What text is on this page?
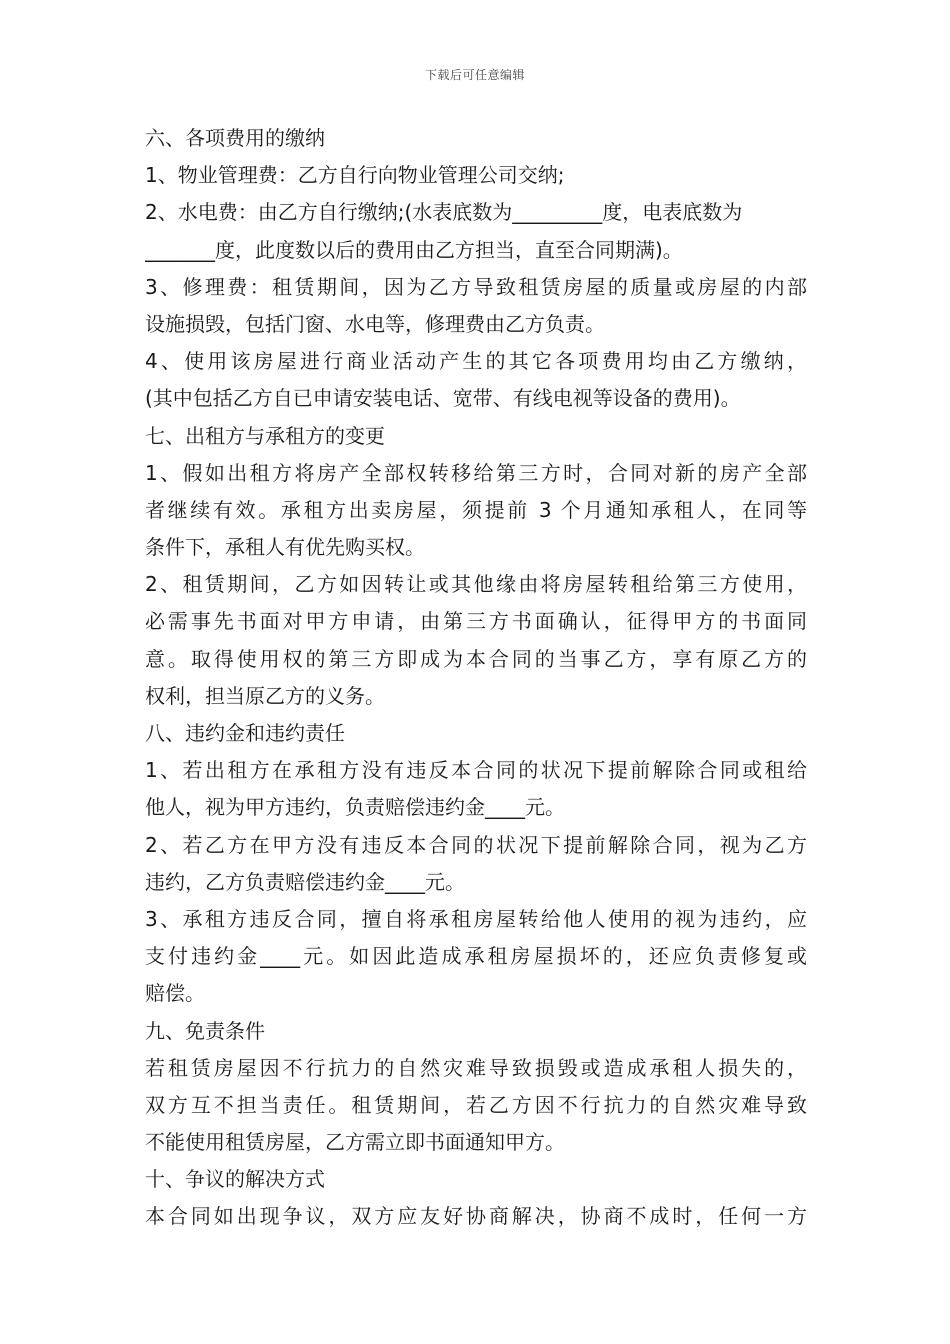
下载后可任意编辑
六、各项费用的缴纳
1、物业管理费：乙方自行向物业管理公司交纳;
2、水电费：由乙方自行缴纳;(水表底数为_________度，电表底数为
_______度，此度数以后的费用由乙方担当，直至合同期满)。
3、修理费：租赁期间，因为乙方导致租赁房屋的质量或房屋的内部
设施损毁，包括门窗、水电等，修理费由乙方负责。
4、使用该房屋进行商业活动产生的其它各项费用均由乙方缴纳，
(其中包括乙方自已申请安装电话、宽带、有线电视等设备的费用)。
七、出租方与承租方的变更
1、假如出租方将房产全部权转移给第三方时，合同对新的房产全部
者继续有效。承租方出卖房屋，须提前 3 个月通知承租人，在同等
条件下，承租人有优先购买权。
2、租赁期间，乙方如因转让或其他缘由将房屋转租给第三方使用，
必需事先书面对甲方申请，由第三方书面确认，征得甲方的书面同
意。取得使用权的第三方即成为本合同的当事乙方，享有原乙方的
权利，担当原乙方的义务。
八、违约金和违约责任
1、若出租方在承租方没有违反本合同的状况下提前解除合同或租给
他人，视为甲方违约，负责赔偿违约金____元。
2、若乙方在甲方没有违反本合同的状况下提前解除合同，视为乙方
违约，乙方负责赔偿违约金____元。
3、承租方违反合同，擅自将承租房屋转给他人使用的视为违约，应
支付违约金____元。如因此造成承租房屋损坏的，还应负责修复或
赔偿。
九、免责条件
若租赁房屋因不行抗力的自然灾难导致损毁或造成承租人损失的，
双方互不担当责任。租赁期间，若乙方因不行抗力的自然灾难导致
不能使用租赁房屋，乙方需立即书面通知甲方。
十、争议的解决方式
本合同如出现争议，双方应友好协商解决，协商不成时，任何一方
